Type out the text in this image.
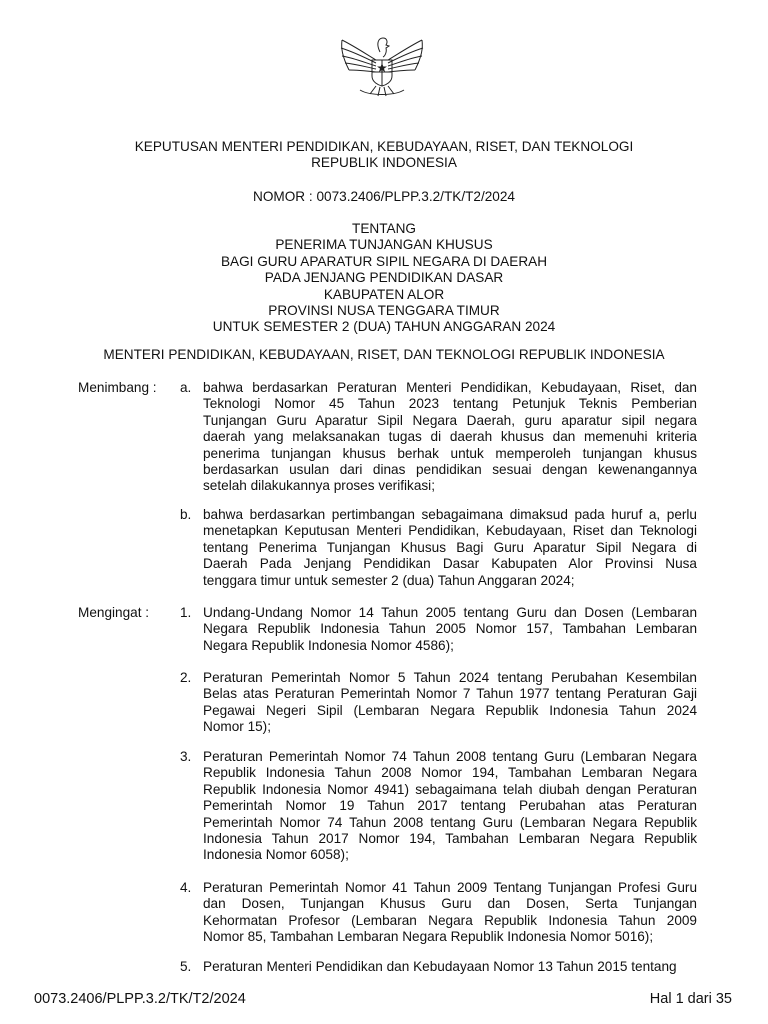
KEPUTUSAN MENTERI PENDIDIKAN, KEBUDAYAAN, RISET, DAN TEKNOLOGI
REPUBLIK INDONESIA
NOMOR : 0073.2406/PLPP.3.2/TK/T2/2024
TENTANG
PENERIMA TUNJANGAN KHUSUS
BAGI GURU APARATUR SIPIL NEGARA DI DAERAH
PADA JENJANG PENDIDIKAN DASAR
KABUPATEN ALOR
PROVINSI NUSA TENGGARA TIMUR
UNTUK SEMESTER 2 (DUA) TAHUN ANGGARAN 2024
MENTERI PENDIDIKAN, KEBUDAYAAN, RISET, DAN TEKNOLOGI REPUBLIK INDONESIA
Menimbang : a. bahwa berdasarkan Peraturan Menteri Pendidikan, Kebudayaan, Riset, dan
Teknologi Nomor 45 Tahun 2023 tentang Petunjuk Teknis Pemberian
Tunjangan Guru Aparatur Sipil Negara Daerah, guru aparatur sipil negara
daerah yang melaksanakan tugas di daerah khusus dan memenuhi kriteria
penerima tunjangan khusus berhak untuk memperoleh tunjangan khusus
berdasarkan usulan dari dinas pendidikan sesuai dengan kewenangannya
setelah dilakukannya proses verifikasi;
b. bahwa berdasarkan pertimbangan sebagaimana dimaksud pada huruf a, perlu
menetapkan Keputusan Menteri Pendidikan, Kebudayaan, Riset dan Teknologi
tentang Penerima Tunjangan Khusus Bagi Guru Aparatur Sipil Negara di
Daerah Pada Jenjang Pendidikan Dasar Kabupaten Alor Provinsi Nusa
tenggara timur untuk semester 2 (dua) Tahun Anggaran 2024;
Mengingat : 1. Undang-Undang Nomor 14 Tahun 2005 tentang Guru dan Dosen (Lembaran
Negara Republik Indonesia Tahun 2005 Nomor 157, Tambahan Lembaran
Negara Republik Indonesia Nomor 4586);
2. Peraturan Pemerintah Nomor 5 Tahun 2024 tentang Perubahan Kesembilan
Belas atas Peraturan Pemerintah Nomor 7 Tahun 1977 tentang Peraturan Gaji
Pegawai Negeri Sipil (Lembaran Negara Republik Indonesia Tahun 2024
Nomor 15);
3. Peraturan Pemerintah Nomor 74 Tahun 2008 tentang Guru (Lembaran Negara
Republik Indonesia Tahun 2008 Nomor 194, Tambahan Lembaran Negara
Republik Indonesia Nomor 4941) sebagaimana telah diubah dengan Peraturan
Pemerintah Nomor 19 Tahun 2017 tentang Perubahan atas Peraturan
Pemerintah Nomor 74 Tahun 2008 tentang Guru (Lembaran Negara Republik
Indonesia Tahun 2017 Nomor 194, Tambahan Lembaran Negara Republik
Indonesia Nomor 6058);
4. Peraturan Pemerintah Nomor 41 Tahun 2009 Tentang Tunjangan Profesi Guru
dan Dosen, Tunjangan Khusus Guru dan Dosen, Serta Tunjangan
Kehormatan Profesor (Lembaran Negara Republik Indonesia Tahun 2009
Nomor 85, Tambahan Lembaran Negara Republik Indonesia Nomor 5016);
5. Peraturan Menteri Pendidikan dan Kebudayaan Nomor 13 Tahun 2015 tentang
0073.2406/PLPP.3.2/TK/T2/2024	Hal 1 dari 35
